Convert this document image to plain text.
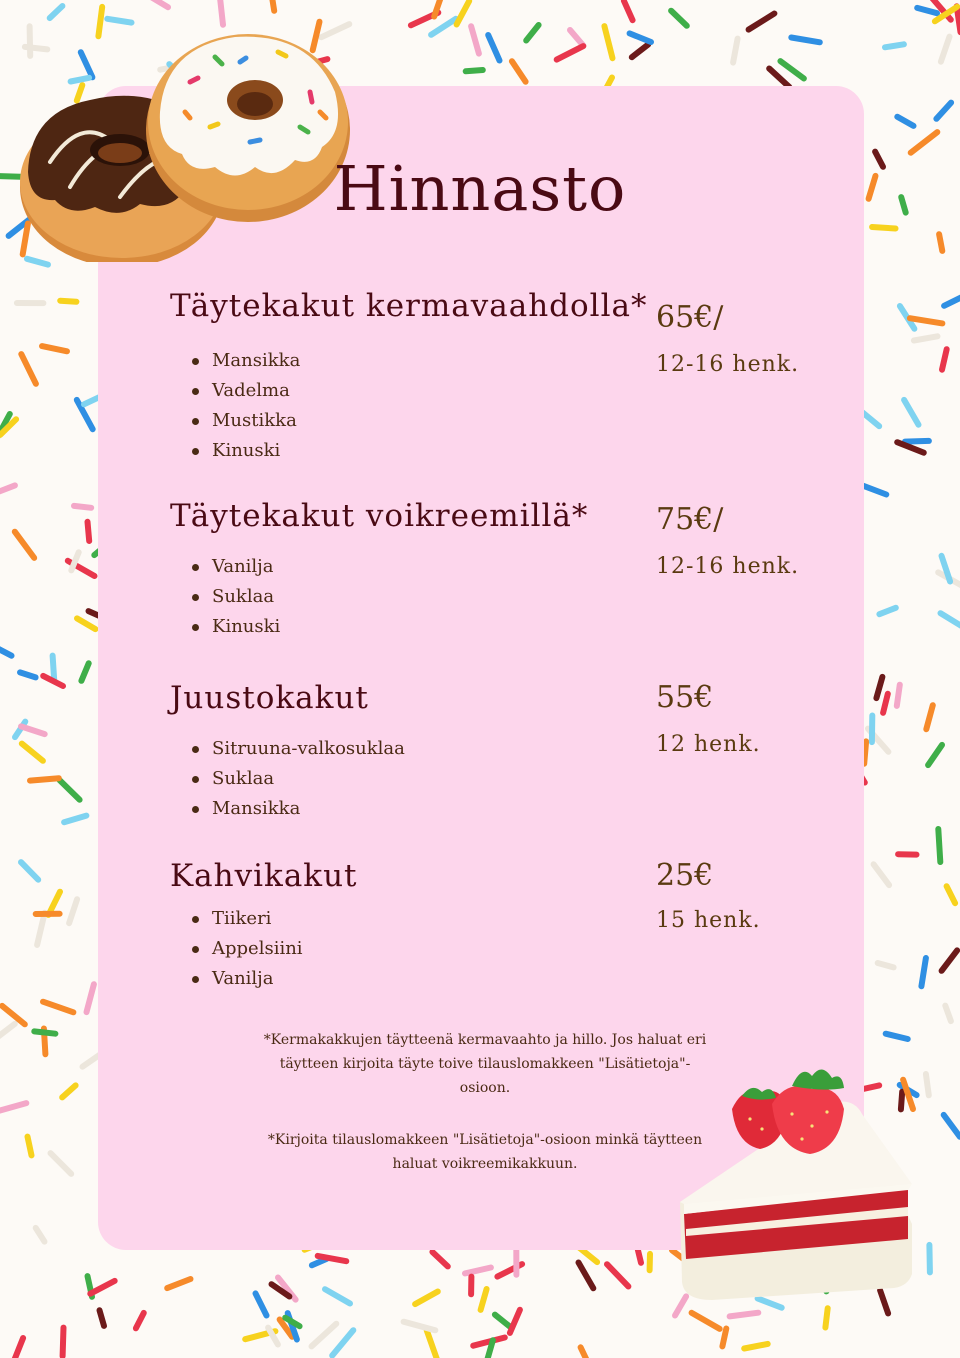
Hinnasto
Täytekakut kermavaahdolla*
Mansikka
Vadelma
Mustikka
Kinuski
65€/
12-16 henk.
Täytekakut voikreemillä*
Vanilja
Suklaa
Kinuski
75€/
12-16 henk.
Juustokakut
Sitruuna-valkosuklaa
Suklaa
Mansikka
55€
12 henk.
Kahvikakut
Tiikeri
Appelsiini
Vanilja
25€
15 henk.
*Kermakakkujen täytteenä kermavaahto ja hillo. Jos haluat eri täytteen kirjoita täyte toive tilauslomakkeen "Lisätietoja"-osioon.
*Kirjoita tilauslomakkeen "Lisätietoja"-osioon minkä täytteen haluat voikreemikakkuun.
